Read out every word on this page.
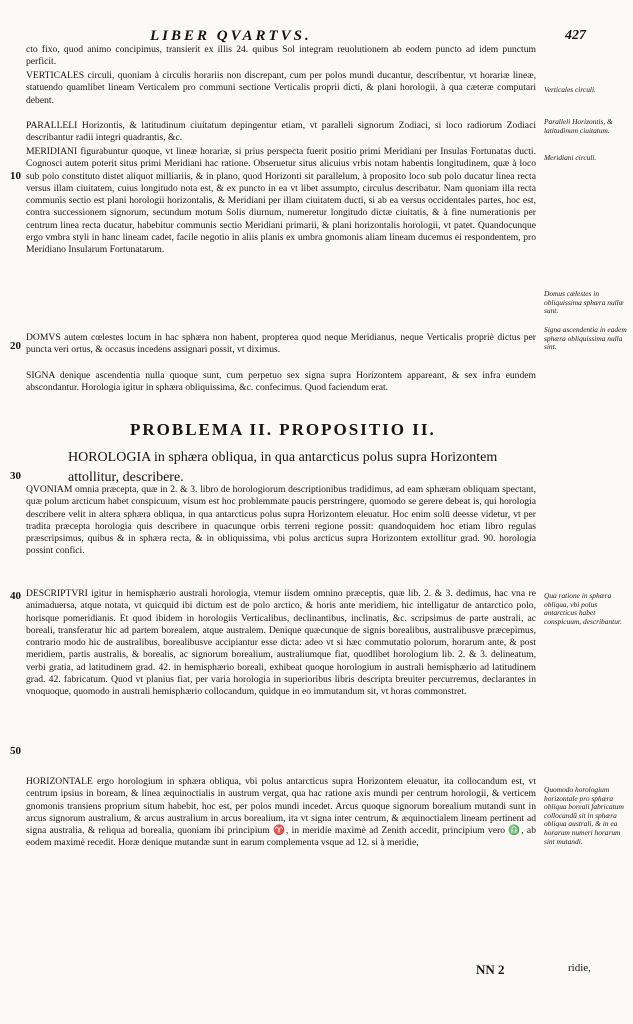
LIBER QVARTVS.	427
cto fixo, quod animo concipimus, transierit ex illis 24. quibus Sol integram reuolutionem ab eodem puncto ad idem punctum perficit.
VERTICALES circuli, quoniam à circulis horariis non discrepant, cum per polos mundi ducantur, describentur, vt horariæ lineæ, statuendo quamlibet lineam Verticalem pro communi sectione Verticalis proprii dicti, & plani horologii, à qua cæteræ computari debent.
PARALLELI Horizontis, & latitudinum ciuitatum depingentur etiam, vt paralleli signorum Zodiaci, si loco radiorum Zodiaci describantur radii integri quadrantis, &c.
MERIDIANI figurabuntur quoque, vt lineæ horariæ, si prius perspecta fuerit positio primi Meridiani per Insulas Fortunatas ducti. Cognosci autem poterit situs primi Meridiani hac ratione. Obseruetur situs alicuius vrbis notam habentis longitudinem, quæ à loco sub polo constituto distet aliquot milliariis, & in plano, quod Horizonti sit parallelum, à proposito loco sub polo ducatur linea recta versus illam ciuitatem, cuius longitudo nota est, & ex puncto in ea vt libet assumpto, circulus describatur. Nam quoniam illa recta communis sectio est plani horologii horizontalis, & Meridiani per illam ciuitatem ducti, si ab ea versus occidentales partes, hoc est, contra successionem signorum, secundum motum Solis diurnum, numeretur longitudo dictæ ciuitatis, & à fine numerationis per centrum linea recta ducatur, habebitur communis sectio Meridiani primarii, & plani horizontalis horologii, vt patet. Quandocunque ergo vmbra styli in hanc lineam cadet, facile negotio in aliis planis ex umbra gnomonis aliam lineam ducemus ei respondentem, pro Meridiano Insularum Fortunatarum.
DOMVS autem cœlestes locum in hac sphæra non habent, propterea quod neque Meridianus, neque Verticalis propriè dictus per puncta veri ortus, & occasus incedens assignari possit, vt diximus.
SIGNA denique ascendentia nulla quoque sunt, cum perpetuo sex signa supra Horizontem appareant, & sex infra eundem abscondantur. Horologia igitur in sphæra obliquissima, &c. confecimus. Quod faciendum erat.
QVONIAM omnia præcepta, quæ in 2. & 3. libro de horologiorum descriptionibus tradidimus, ad eam sphæram obliquam spectant, quæ polum arcticum habet conspicuum, visum est hoc problemmate paucis perstringere, quomodo se gerere debeat is, qui horologia describere velit in altera sphæra obliqua, in qua antarcticus polus supra Horizontem eleuatur. Hoc enim solū deesse videtur, vt per tradita præcepta horologia quis describere in quacunque orbis terreni regione possit: quandoquidem hoc etiam libro regulas præscripsimus, quibus & in sphæra recta, & in obliquissima, vbi polus arcticus supra Horizontem extollitur grad. 90. horologia possint confici.
DESCRIPTVRI igitur in hemisphærio australi horologia, vtemur iisdem omnino præceptis, quæ lib. 2. & 3. dedimus, hac vna re animaduersa, atque notata, vt quicquid ibi dictum est de polo arctico, & horis ante meridiem, hic intelligatur de antarctico polo, horisque pomeridianis. Et quod ibidem in horologiis Verticalibus, declinantibus, inclinatis, &c. scripsimus de parte australi, ac boreali, transferatur hic ad partem borealem, atque australem. Denique quæcunque de signis borealibus, australibusve præcepimus, contrario modo hic de australibus, borealibusve accipiantur esse dicta: adeo vt si hæc commutatio polorum, horarum ante, & post meridiem, partis australis, & borealis, ac signorum borealium, australiumque fiat, quodlibet horologium lib. 2. & 3. delineatum, verbi gratia, ad latitudinem grad. 42. in hemisphærio boreali, exhibeat quoque horologium in australi hemisphærio ad latitudinem grad. 42. fabricatum. Quod vt planius fiat, per varia horologia in superioribus libris descripta breuiter percurremus, declarantes in vnoquoque, quomodo in australi hemisphærio collocandum, quidque in eo immutandum sit, vt horas commonstret.
HORIZONTALE ergo horologium in sphæra obliqua, vbi polus antarcticus supra Horizontem eleuatur, ita collocandum est, vt centrum ipsius in boream, & linea æquinoctialis in austrum vergat, qua hac ratione axis mundi per centrum horologii, & verticem gnomonis transiens proprium situm habebit, hoc est, per polos mundi incedet. Arcus quoque signorum borealium mutandi sunt in arcus signorum australium, & arcus australium in arcus borealium, ita vt signa inter centrum, & æquinoctialem lineam pertinent ad signa australia, & reliqua ad borealia, quoniam ibi principium ♈, in meridie maximè ad Zenith accedit, principium vero ♎, ab eodem maximè recedit. Horæ denique mutandæ sunt in earum complementa vsque ad 12. si à meridie,
PROBLEMA II. PROPOSITIO II.
HOROLOGIA in sphæra obliqua, in qua antarcticus polus supra Horizontem attollitur, describere.
10
20
30
40
50
Verticales circuli.
Paralleli Horizontis, & latitudinum ciuitatum.
Meridiani circuli.
Domus cœlestes in obliquissima sphæra nullæ sunt.
Signa ascendentia in eadem sphæra obliquissima nulla sint.
Qua ratione in sphæra obliqua, vbi polus antarcticus habet conspicuum, describantur.
Quomodo horologium horizontale pro sphæra obliqua boreali fabricatum collocandū sit in sphæra obliqua australi, & in ea horarum numeri horarum sint mutandi.
NN 2	ridie,
